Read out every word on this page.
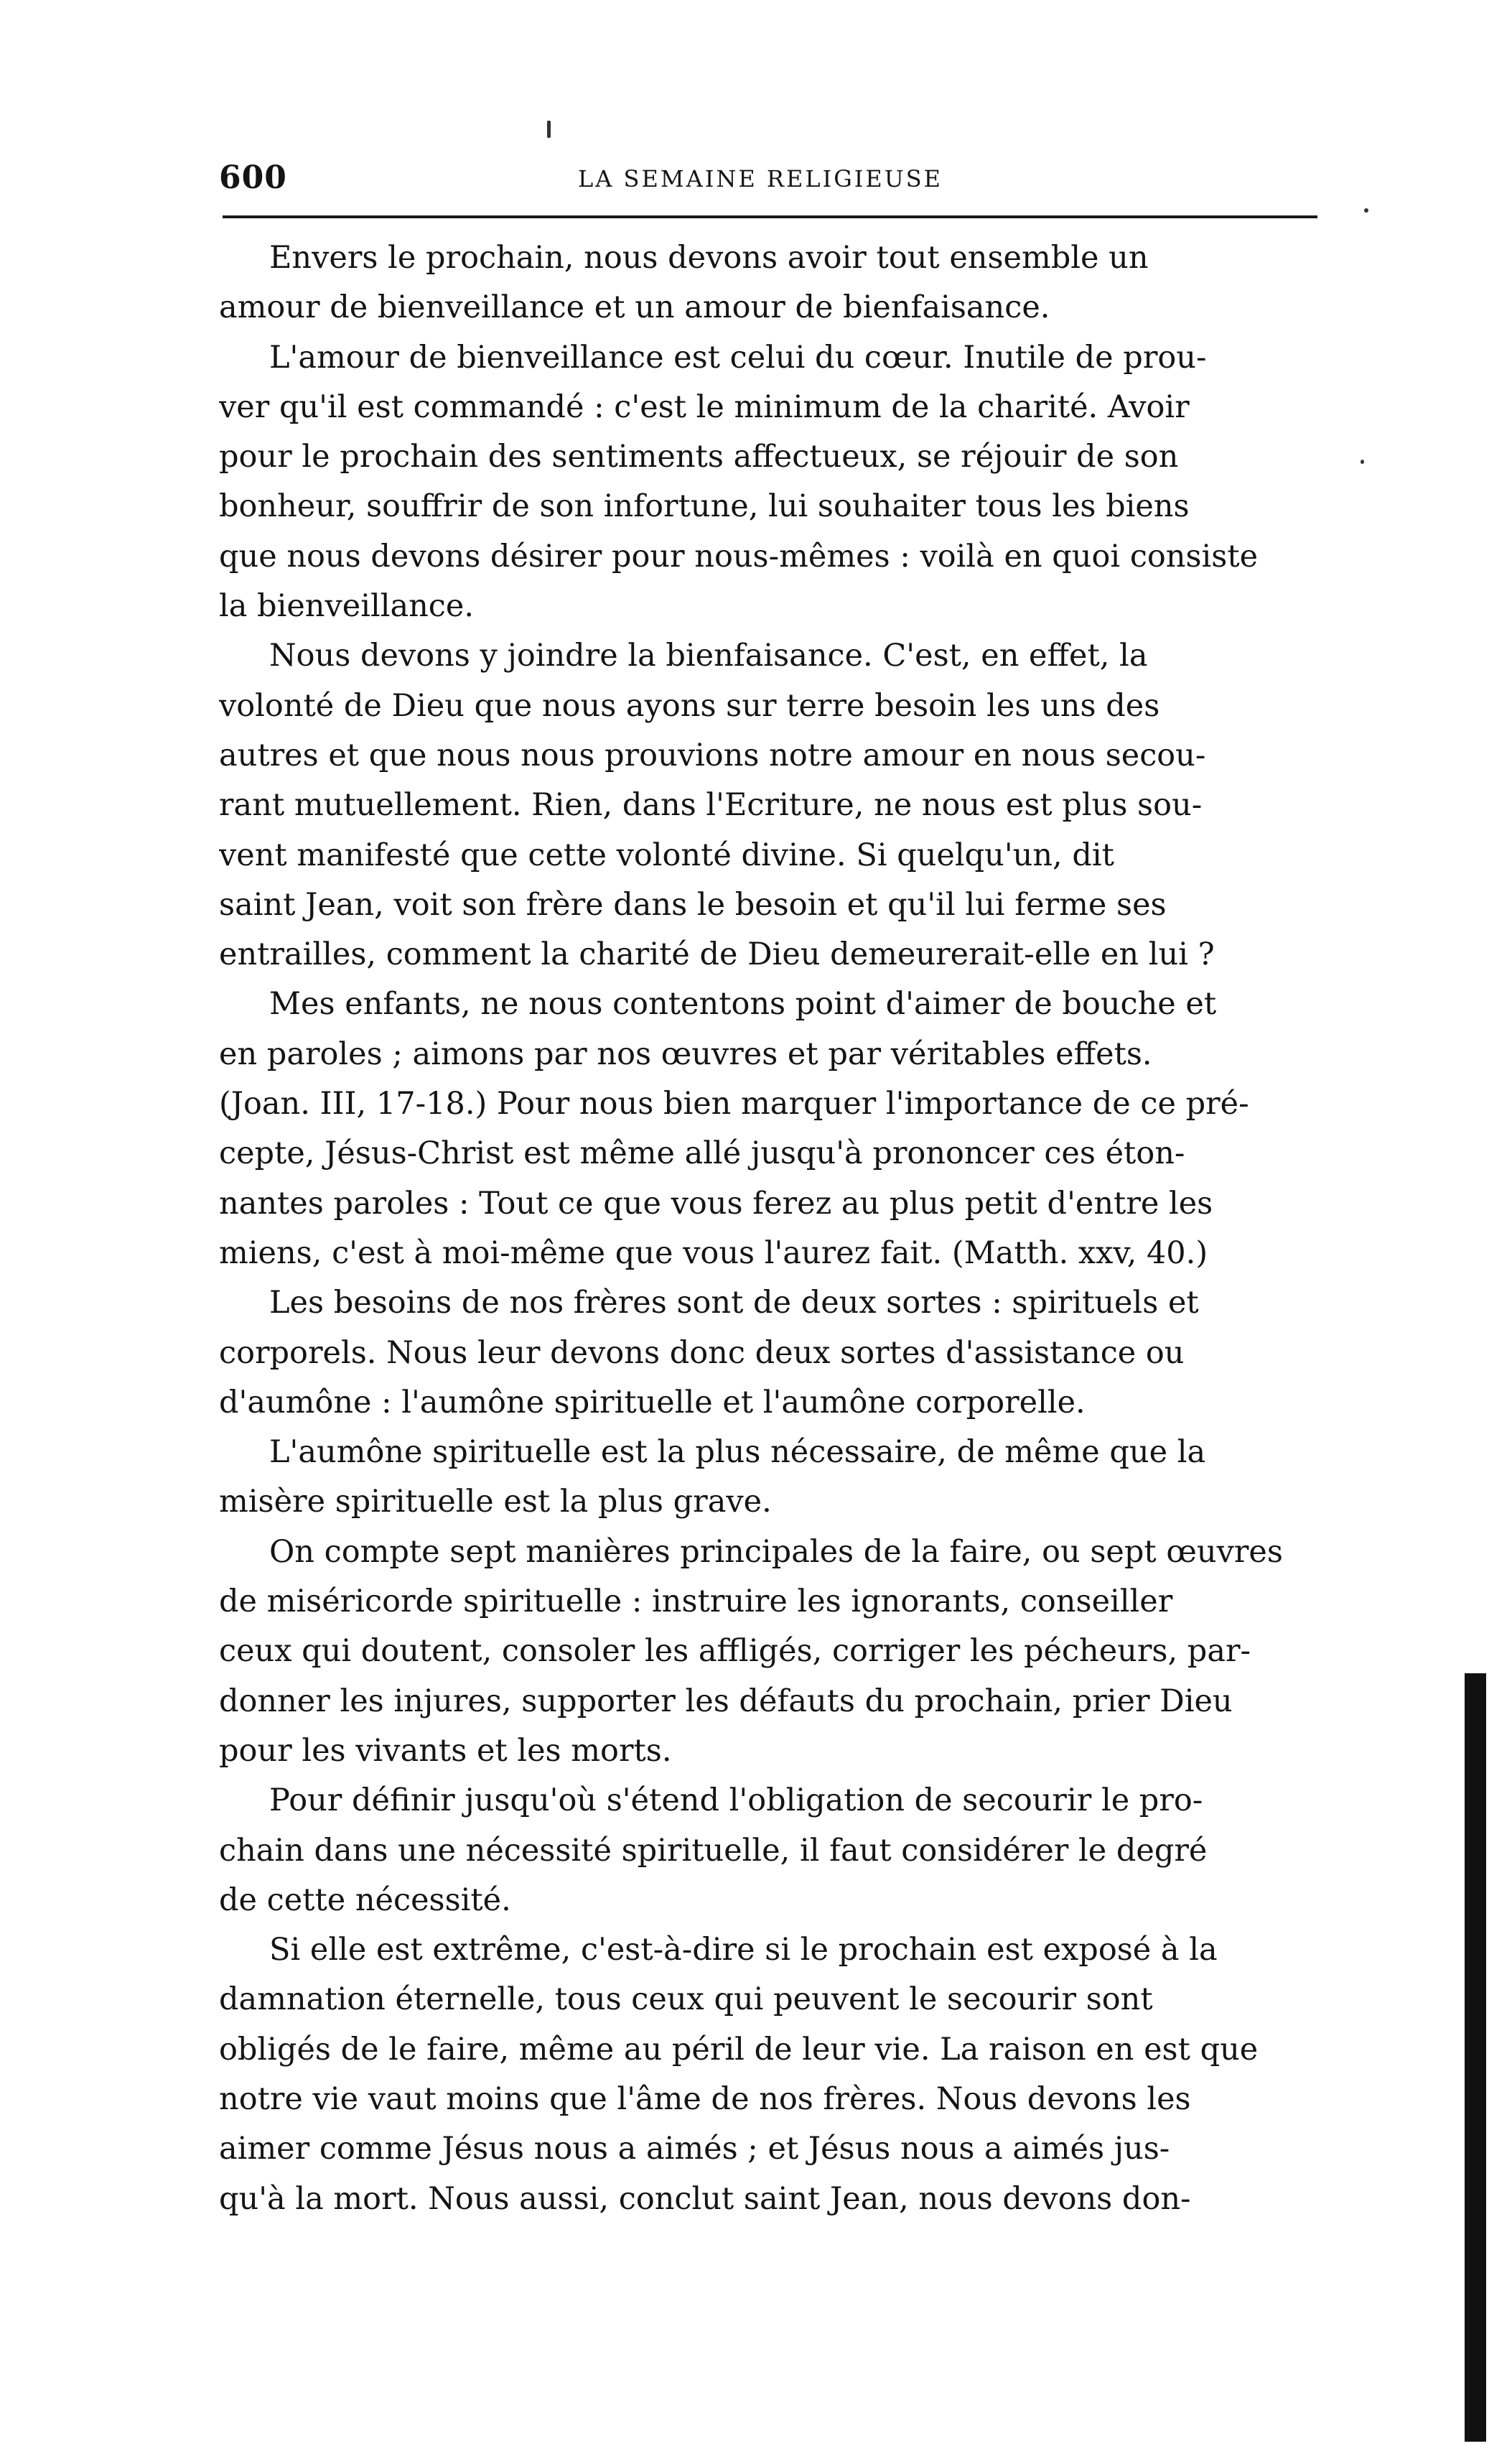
600	LA SEMAINE RELIGIEUSE
Envers le prochain, nous devons avoir tout ensemble un
amour de bienveillance et un amour de bienfaisance.
L'amour de bienveillance est celui du cœur. Inutile de prou-
ver qu'il est commandé : c'est le minimum de la charité. Avoir
pour le prochain des sentiments affectueux, se réjouir de son
bonheur, souffrir de son infortune, lui souhaiter tous les biens
que nous devons désirer pour nous-mêmes : voilà en quoi consiste
la bienveillance.
Nous devons y joindre la bienfaisance. C'est, en effet, la
volonté de Dieu que nous ayons sur terre besoin les uns des
autres et que nous nous prouvions notre amour en nous secou-
rant mutuellement. Rien, dans l'Ecriture, ne nous est plus sou-
vent manifesté que cette volonté divine. Si quelqu'un, dit
saint Jean, voit son frère dans le besoin et qu'il lui ferme ses
entrailles, comment la charité de Dieu demeurerait-elle en lui ?
Mes enfants, ne nous contentons point d'aimer de bouche et
en paroles ; aimons par nos œuvres et par véritables effets.
(Joan. III, 17-18.) Pour nous bien marquer l'importance de ce pré-
cepte, Jésus-Christ est même allé jusqu'à prononcer ces éton-
nantes paroles : Tout ce que vous ferez au plus petit d'entre les
miens, c'est à moi-même que vous l'aurez fait. (Matth. xxv, 40.)
Les besoins de nos frères sont de deux sortes : spirituels et
corporels. Nous leur devons donc deux sortes d'assistance ou
d'aumône : l'aumône spirituelle et l'aumône corporelle.
L'aumône spirituelle est la plus nécessaire, de même que la
misère spirituelle est la plus grave.
On compte sept manières principales de la faire, ou sept œuvres
de miséricorde spirituelle : instruire les ignorants, conseiller
ceux qui doutent, consoler les affligés, corriger les pécheurs, par-
donner les injures, supporter les défauts du prochain, prier Dieu
pour les vivants et les morts.
Pour définir jusqu'où s'étend l'obligation de secourir le pro-
chain dans une nécessité spirituelle, il faut considérer le degré
de cette nécessité.
Si elle est extrême, c'est-à-dire si le prochain est exposé à la
damnation éternelle, tous ceux qui peuvent le secourir sont
obligés de le faire, même au péril de leur vie. La raison en est que
notre vie vaut moins que l'âme de nos frères. Nous devons les
aimer comme Jésus nous a aimés ; et Jésus nous a aimés jus-
qu'à la mort. Nous aussi, conclut saint Jean, nous devons don-
